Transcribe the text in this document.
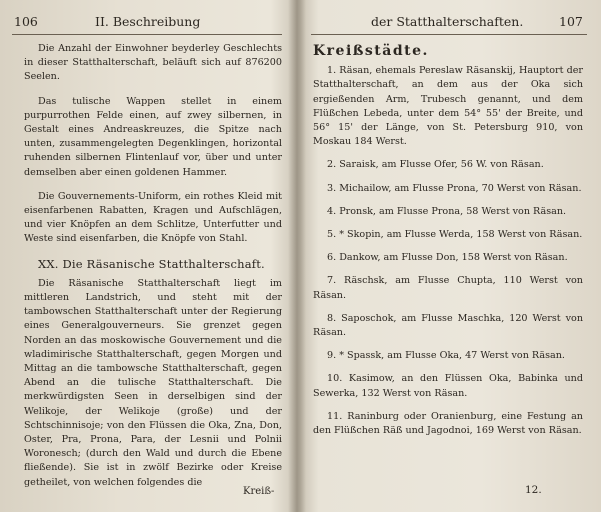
106	II. Beschreibung

Die Anzahl der Einwohner beyderley Geschlechts in dieser Statthalterschaft, beläuft sich auf 876200 Seelen.

Das tulische Wappen stellet in einem purpurrothen Felde einen, auf zwey silbernen, in Gestalt eines Andreaskreuzes, die Spitze nach unten, zusammengelegten Degenklingen, horizontal ruhenden silbernen Flintenlauf vor, über und unter demselben aber einen goldenen Hammer.

Die Gouvernements-Uniform, ein rothes Kleid mit eisenfarbenen Rabatten, Kragen und Aufschlägen, und vier Knöpfen an dem Schlitze, Unterfutter und Weste sind eisenfarben, die Knöpfe von Stahl.

XX. Die Räsanische Statthalterschaft.

Die Räsanische Statthalterschaft liegt im mittleren Landstrich, und steht mit der tambowschen Statthalterschaft unter der Regierung eines Generalgouverneurs. Sie grenzet gegen Norden an das moskowische Gouvernement und die wladimirische Statthalterschaft, gegen Morgen und Mittag an die tambowsche Statthalterschaft, gegen Abend an die tulische Statthalterschaft. Die merkwürdigsten Seen in derselbigen sind der Welikoje, der Welikoje (große) und der Schtschinnisoje; von den Flüssen die Oka, Zna, Don, Oster, Pra, Prona, Para, der Lesnii und Polnii Woronesch; (durch den Wald und durch die Ebene fließende). Sie ist in zwölf Bezirke oder Kreise getheilet, von welchen folgendes die

Kreiß-
der Statthalterschaften.	107

Kreißstädte.

1. Räsan, ehemals Pereslaw Räsanskij, Hauptort der Statthalterschaft, an dem aus der Oka sich ergießenden Arm, Trubesch genannt, und dem Flüßchen Lebeda, unter dem 54° 55' der Breite, und 56° 15' der Länge, von St. Petersburg 910, von Moskau 184 Werst.

2. Saraisk, am Flusse Ofer, 56 W. von Räsan.

3. Michailow, am Flusse Prona, 70 Werst von Räsan.

4. Pronsk, am Flusse Prona, 58 Werst von Räsan.

5. * Skopin, am Flusse Werda, 158 Werst von Räsan.

6. Dankow, am Flusse Don, 158 Werst von Räsan.

7. Räschsk, am Flusse Chupta, 110 Werst von Räsan.

8. Saposchok, am Flusse Maschka, 120 Werst von Räsan.

9. * Spassk, am Flusse Oka, 47 Werst von Räsan.

10. Kasimow, an den Flüssen Oka, Babinka und Sewerka, 132 Werst von Räsan.

11. Raninburg oder Oranienburg, eine Festung an den Flüßchen Räß und Jagodnoi, 169 Werst von Räsan.

12.
